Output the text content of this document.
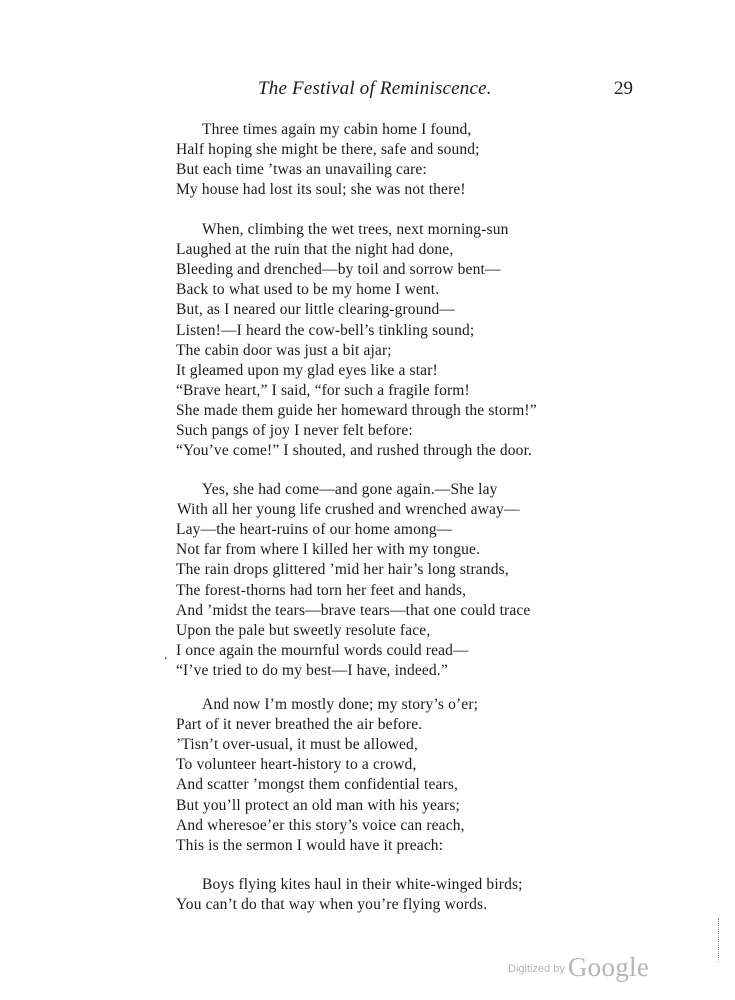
The Festival of Reminiscence.	29
Three times again my cabin home I found,
Half hoping she might be there, safe and sound;
But each time ’twas an unavailing care:
My house had lost its soul; she was not there!
When, climbing the wet trees, next morning-sun
Laughed at the ruin that the night had done,
Bleeding and drenched—by toil and sorrow bent—
Back to what used to be my home I went.
But, as I neared our little clearing-ground—
Listen!—I heard the cow-bell’s tinkling sound;
The cabin door was just a bit ajar;
It gleamed upon my glad eyes like a star!
“Brave heart,” I said, “for such a fragile form!
She made them guide her homeward through the storm!”
Such pangs of joy I never felt before:
“You’ve come!” I shouted, and rushed through the door.
Yes, she had come—and gone again.—She lay
With all her young life crushed and wrenched away—
Lay—the heart-ruins of our home among—
Not far from where I killed her with my tongue.
The rain drops glittered ’mid her hair’s long strands,
The forest-thorns had torn her feet and hands,
And ’midst the tears—brave tears—that one could trace
Upon the pale but sweetly resolute face,
I once again the mournful words could read—
“I’ve tried to do my best—I have, indeed.”
And now I’m mostly done; my story’s o’er;
Part of it never breathed the air before.
’Tisn’t over-usual, it must be allowed,
To volunteer heart-history to a crowd,
And scatter ’mongst them confidential tears,
But you’ll protect an old man with his years;
And wheresoe’er this story’s voice can reach,
This is the sermon I would have it preach:
Boys flying kites haul in their white-winged birds;
You can’t do that way when you’re flying words.
.
$^{Digitized by}$ Google
